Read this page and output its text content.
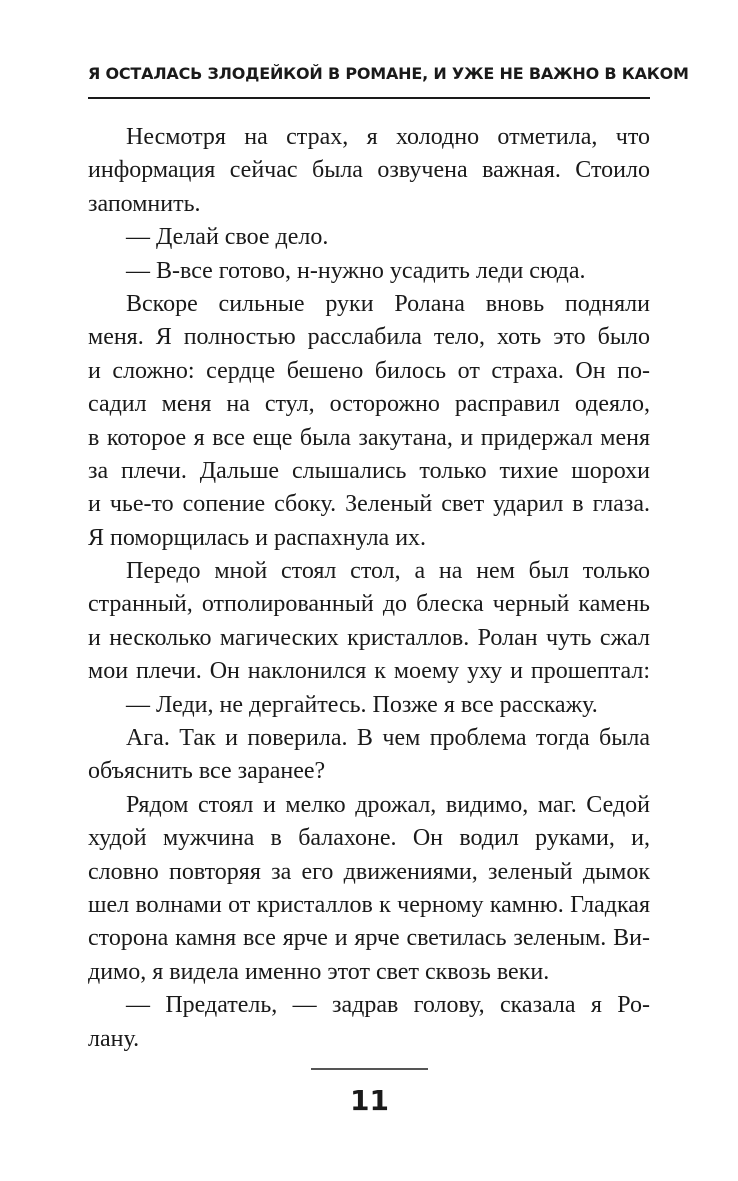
Я ОСТАЛАСЬ ЗЛОДЕЙКОЙ В РОМАНЕ, И УЖЕ НЕ ВАЖНО В КАКОМ
Несмотря на страх, я холодно отметила, что
информация сейчас была озвучена важная. Стоило
запомнить.
— Делай свое дело.
— В-все готово, н-нужно усадить леди сюда.
Вскоре сильные руки Ролана вновь подняли
меня. Я полностью расслабила тело, хоть это было
и сложно: сердце бешено билось от страха. Он по-
садил меня на стул, осторожно расправил одеяло,
в которое я все еще была закутана, и придержал меня
за плечи. Дальше слышались только тихие шорохи
и чье-то сопение сбоку. Зеленый свет ударил в глаза.
Я поморщилась и распахнула их.
Передо мной стоял стол, а на нем был только
странный, отполированный до блеска черный камень
и несколько магических кристаллов. Ролан чуть сжал
мои плечи. Он наклонился к моему уху и прошептал:
— Леди, не дергайтесь. Позже я все расскажу.
Ага. Так и поверила. В чем проблема тогда была
объяснить все заранее?
Рядом стоял и мелко дрожал, видимо, маг. Седой
худой мужчина в балахоне. Он водил руками, и,
словно повторяя за его движениями, зеленый дымок
шел волнами от кристаллов к черному камню. Гладкая
сторона камня все ярче и ярче светилась зеленым. Ви-
димо, я видела именно этот свет сквозь веки.
— Предатель, — задрав голову, сказала я Ро-
лану.
11
